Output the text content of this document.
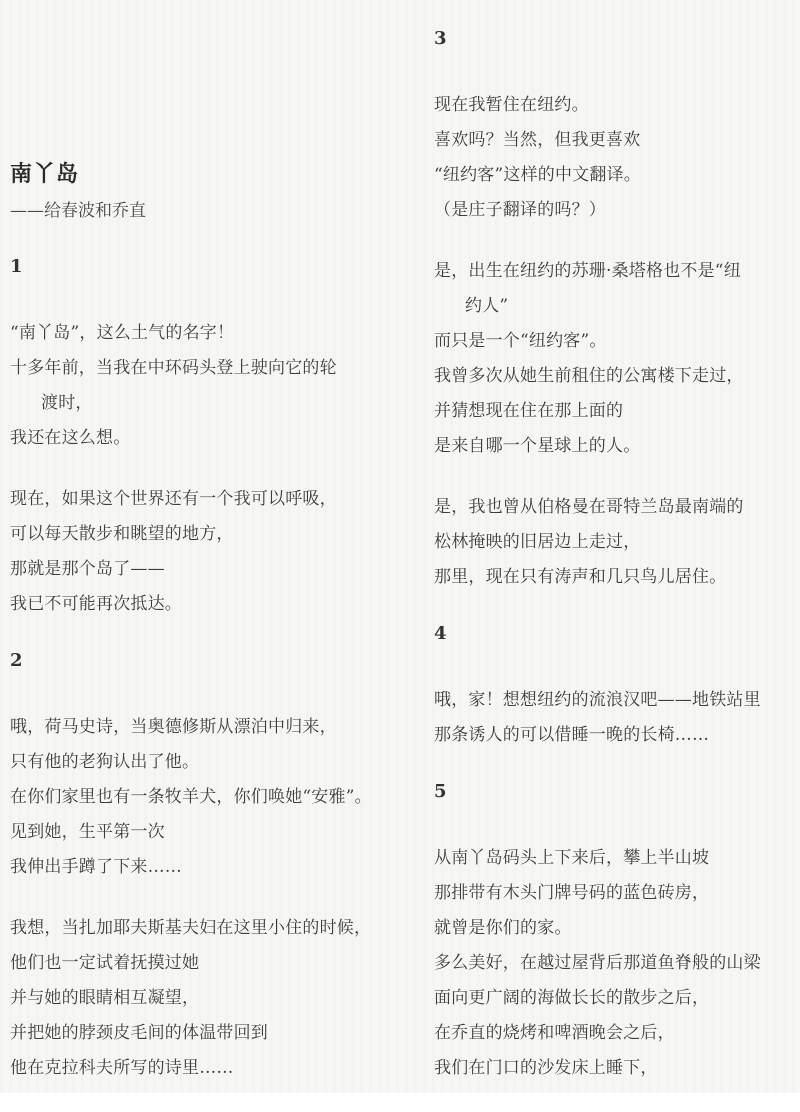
南丫岛
——给春波和乔直
1
“南丫岛”，这么土气的名字！
十多年前，当我在中环码头登上驶向它的轮
渡时，
我还在这么想。
现在，如果这个世界还有一个我可以呼吸，
可以每天散步和眺望的地方，
那就是那个岛了——
我已不可能再次抵达。
2
哦，荷马史诗，当奥德修斯从漂泊中归来，
只有他的老狗认出了他。
在你们家里也有一条牧羊犬，你们唤她“安雅”。
见到她，生平第一次
我伸出手蹲了下来……
我想，当扎加耶夫斯基夫妇在这里小住的时候，
他们也一定试着抚摸过她
并与她的眼睛相互凝望，
并把她的脖颈皮毛间的体温带回到
他在克拉科夫所写的诗里……
3
现在我暂住在纽约。
喜欢吗？当然，但我更喜欢
“纽约客”这样的中文翻译。
（是庄子翻译的吗？）
是，出生在纽约的苏珊·桑塔格也不是“纽
约人”
而只是一个“纽约客”。
我曾多次从她生前租住的公寓楼下走过，
并猜想现在住在那上面的
是来自哪一个星球上的人。
是，我也曾从伯格曼在哥特兰岛最南端的
松林掩映的旧居边上走过，
那里，现在只有涛声和几只鸟儿居住。
4
哦，家！想想纽约的流浪汉吧——地铁站里
那条诱人的可以借睡一晚的长椅……
5
从南丫岛码头上下来后，攀上半山坡
那排带有木头门牌号码的蓝色砖房，
就曾是你们的家。
多么美好，在越过屋背后那道鱼脊般的山梁
面向更广阔的海做长长的散步之后，
在乔直的烧烤和啤酒晚会之后，
我们在门口的沙发床上睡下，
